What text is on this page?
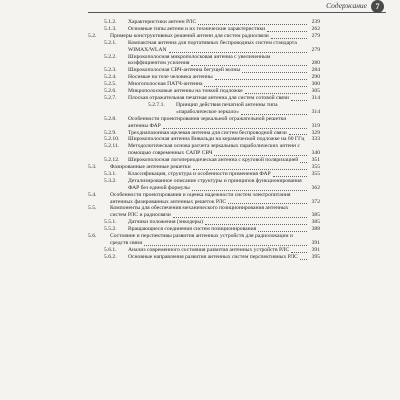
Содержание	7
5.1.2.	Характеристики антенн РЛС	239
5.1.3.	Основные типы антенн и их технические характеристики	262
5.2.	Примеры конструктивных решений антенн для систем радиосвязи	279
5.2.1.	Компактная антенна для портативных беспроводных систем стандарта WIMAX/WLAN	279
5.2.2.	Широкополосная микрополосковая антенна с увеличенным коэффициентом усиления	280
5.2.3.	Широкополосная СВЧ-антенна бегущей волны	284
5.2.4.	Носимые на теле человека антенны	290
5.2.5.	Многополосная ПАТЧ-антенна	300
5.2.6.	Микрополосковые антенны на тонкой подложке	305
5.2.7.	Плоская отражательная печатная антенна для систем сотовой связи	314
5.2.7.1.	Принцип действия печатной антенны типа «параболическое зеркало»	314
5.2.8.	Особенности проектирования зеркальной отражательной решетки антенны ФАР	319
5.2.9.	Трехдиапазонная щелевая антенна для систем беспроводной связи	329
5.2.10.	Широкополосная антенна Вивальди на керамической подложке на 60 ГГц	333
5.2.11.	Методологическая основа расчета зеркальных параболических антенн с помощью современных САПР СВЧ	340
5.2.12.	Широкополосная логопериодическая антенна с круговой поляризацией	351
5.3.	Фазированные антенные решетки	355
5.3.1.	Классификация, структура и особенности применения ФАР	355
5.3.2.	Детализированное описание структуры и принципов функционирования ФАР без единой формулы	362
5.4.	Особенности проектирования и оценка надежности систем электропитания антенных фазированных антенных решеток РЛС	372
5.5.	Компоненты для обеспечения механического позиционирования антенных систем РЛС и радиосвязи	385
5.5.1.	Датчики положения (энкодеры)	385
5.5.2.	Вращающиеся соединения систем позиционирования	388
5.6.	Состояние и перспективы развития антенных устройств для радиолокации и средств связи	391
5.6.1.	Анализ современного состояния развития антенных устройств РЛС	391
5.6.2.	Основные направления развития антенных систем перспективных РЛС	395
